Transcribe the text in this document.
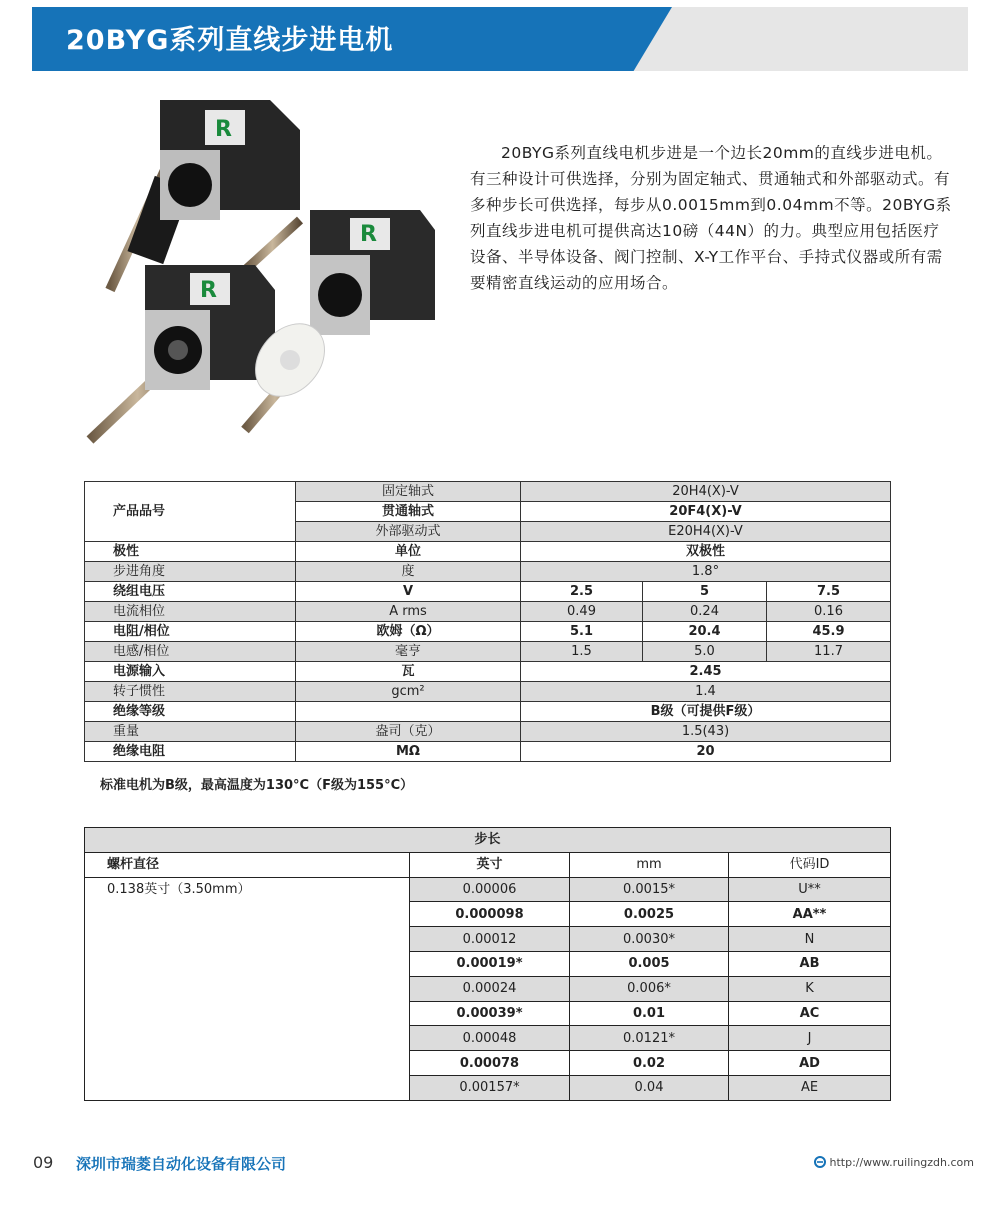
20BYG系列直线步进电机
R
R
R
20BYG系列直线电机步进是一个边长20mm的直线步进电机。有三种设计可供选择，分别为固定轴式、贯通轴式和外部驱动式。有多种步长可供选择，每步从0.0015mm到0.04mm不等。20BYG系列直线步进电机可提供高达10磅（44N）的力。典型应用包括医疗设备、半导体设备、阀门控制、X-Y工作平台、手持式仪器或所有需要精密直线运动的应用场合。
产品品号	固定轴式	20H4(X)-V		
	贯通轴式	20F4(X)-V		
	外部驱动式	E20H4(X)-V		
极性	单位	双极性		
步进角度	度	1.8°		
绕组电压	V	2.5	5	7.5
电流相位	A rms	0.49	0.24	0.16
电阻/相位	欧姆（Ω）	5.1	20.4	45.9
电感/相位	毫亨	1.5	5.0	11.7
电源输入	瓦	2.45		
转子惯性	gcm²	1.4		
绝缘等级		B级（可提供F级）		
重量	盎司（克）	1.5(43)		
绝缘电阻	MΩ	20		
标准电机为B级，最高温度为130°C（F级为155°C）
步长			
螺杆直径	英寸	mm	代码ID
0.138英寸（3.50mm）	0.00006	0.0015*	U**
	0.000098	0.0025	AA**
	0.00012	0.0030*	N
	0.00019*	0.005	AB
	0.00024	0.006*	K
	0.00039*	0.01	AC
	0.00048	0.0121*	J
	0.00078	0.02	AD
	0.00157*	0.04	AE
09 深圳市瑞菱自动化设备有限公司	http://www.ruilingzdh.com
